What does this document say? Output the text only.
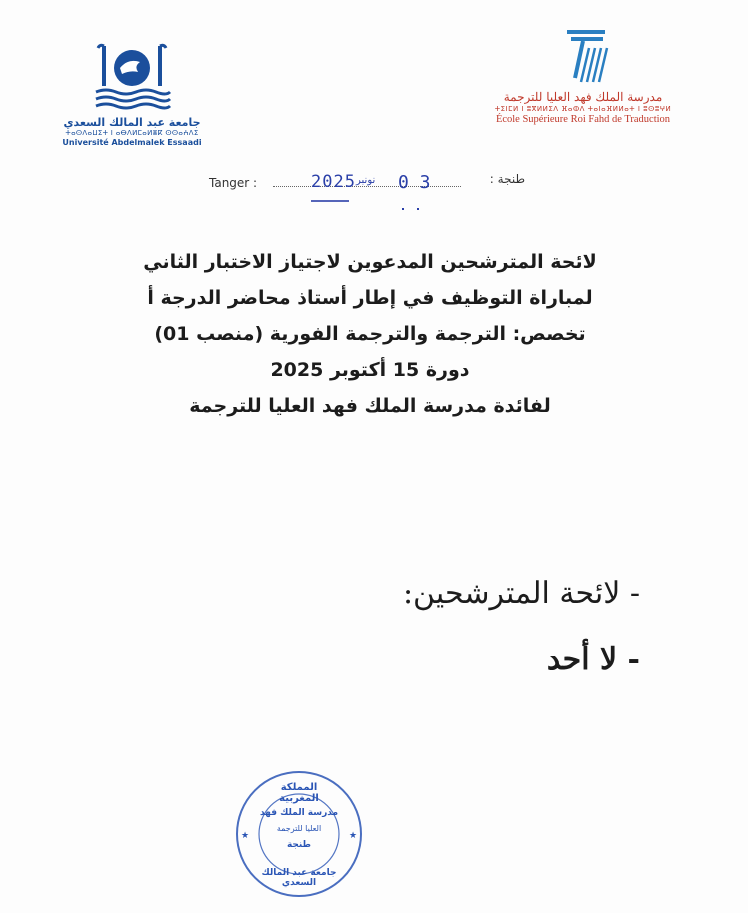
جامعة عبد المالك السعدي
ⵜⴰⵙⴷⴰⵡⵉⵜ ⵏ ⴰⴱⴷⵍⵎⴰⵍⴻⴽ ⵙⵙⴰⵄⴷⵉ
Université Abdelmalek Essaadi
مدرسة الملك فهد العليا للترجمة
ⵜⵉⵏⵎⵍ ⵏ ⵓⴳⵍⵍⵉⴷ ⴼⴰⵀⴷ ⵜⴰⵏⴰⴼⵍⵍⴰⵜ ⵏ ⵓⵙⵓⵖⵍ
École Supérieure Roi Fahd de Traduction
Tanger :	2025 نونبر 0 3	طنجة :
لائحة المترشحين المدعوين لاجتياز الاختبار الثاني
لمباراة التوظيف في إطار أستاذ محاضر الدرجة أ
تخصص: الترجمة والترجمة الفورية (منصب 01)
دورة 15 أكتوبر 2025
لفائدة مدرسة الملك فهد العليا للترجمة
- لائحة المترشحين:
- لا أحد
★	★
المملكة المغربية
مدرسة الملك فهد
العليا للترجمة
طنجة
جامعة عبد المالك السعدي
